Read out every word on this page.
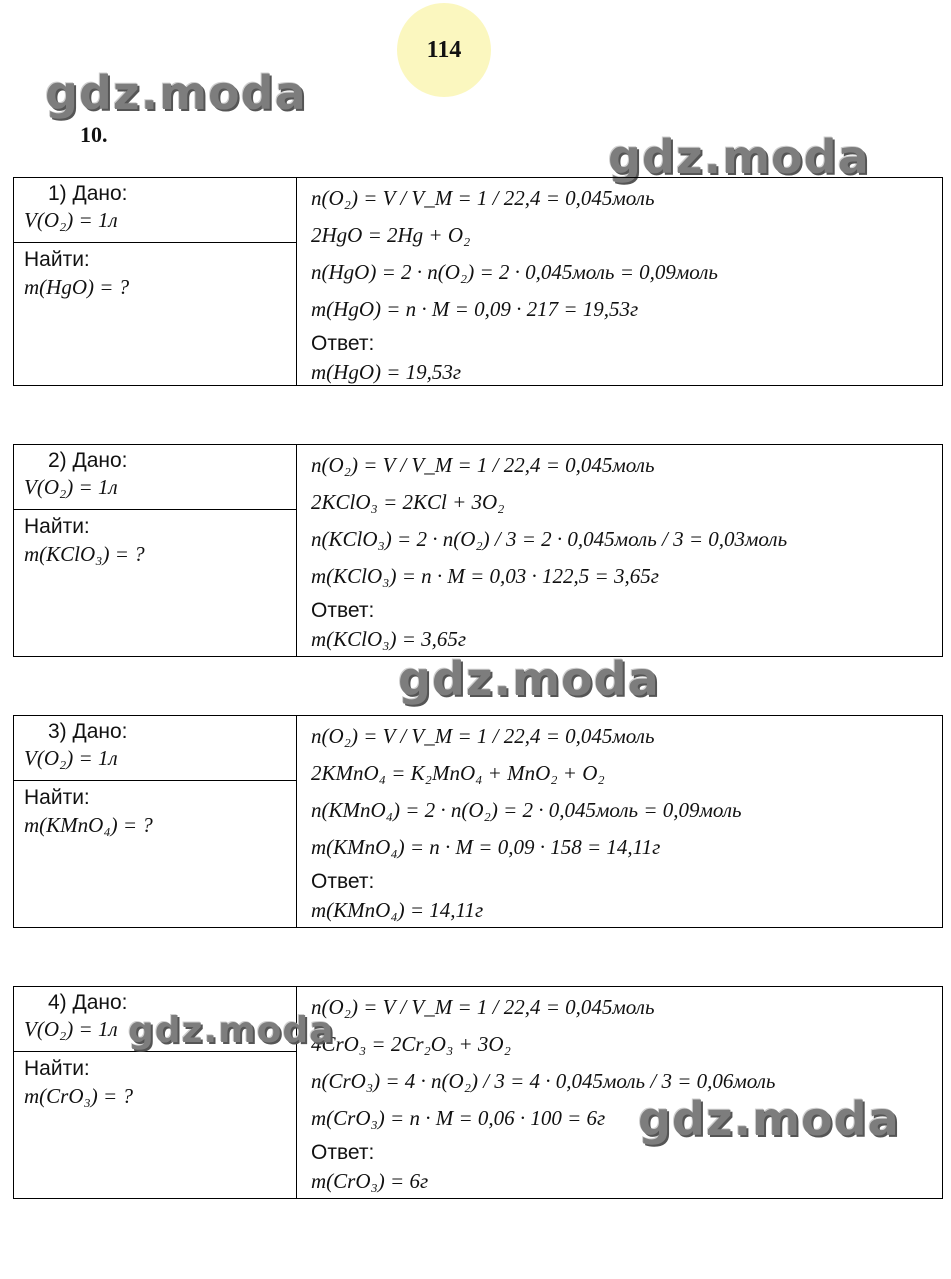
114
gdz.moda
10.	gdz.moda
1) Дано:
V(O₂) = 1л
Найти:
m(HgO) = ?
n(O₂) = V / V_M = 1 / 22,4 = 0,045моль
2HgO = 2Hg + O₂
n(HgO) = 2 · n(O₂) = 2 · 0,045моль = 0,09моль
m(HgO) = n · M = 0,09 · 217 = 19,53г
Ответ:
m(HgO) = 19,53г
2) Дано:
V(O₂) = 1л
Найти:
m(KClO₃) = ?
n(O₂) = V / V_M = 1 / 22,4 = 0,045моль
2KClO₃ = 2KCl + 3O₂
n(KClO₃) = 2 · n(O₂) / 3 = 2 · 0,045моль / 3 = 0,03моль
m(KClO₃) = n · M = 0,03 · 122,5 = 3,65г
Ответ:
m(KClO₃) = 3,65г
gdz.moda
3) Дано:
V(O₂) = 1л
Найти:
m(KMnO₄) = ?
n(O₂) = V / V_M = 1 / 22,4 = 0,045моль
2KMnO₄ = K₂MnO₄ + MnO₂ + O₂
n(KMnO₄) = 2 · n(O₂) = 2 · 0,045моль = 0,09моль
m(KMnO₄) = n · M = 0,09 · 158 = 14,11г
Ответ:
m(KMnO₄) = 14,11г
4) Дано:
V(O₂) = 1л
Найти:
m(CrO₃) = ?
n(O₂) = V / V_M = 1 / 22,4 = 0,045моль
4CrO₃ = 2Cr₂O₃ + 3O₂
n(CrO₃) = 4 · n(O₂) / 3 = 4 · 0,045моль / 3 = 0,06моль
m(CrO₃) = n · M = 0,06 · 100 = 6г
Ответ:
m(CrO₃) = 6г
gdz.moda
gdz.moda
